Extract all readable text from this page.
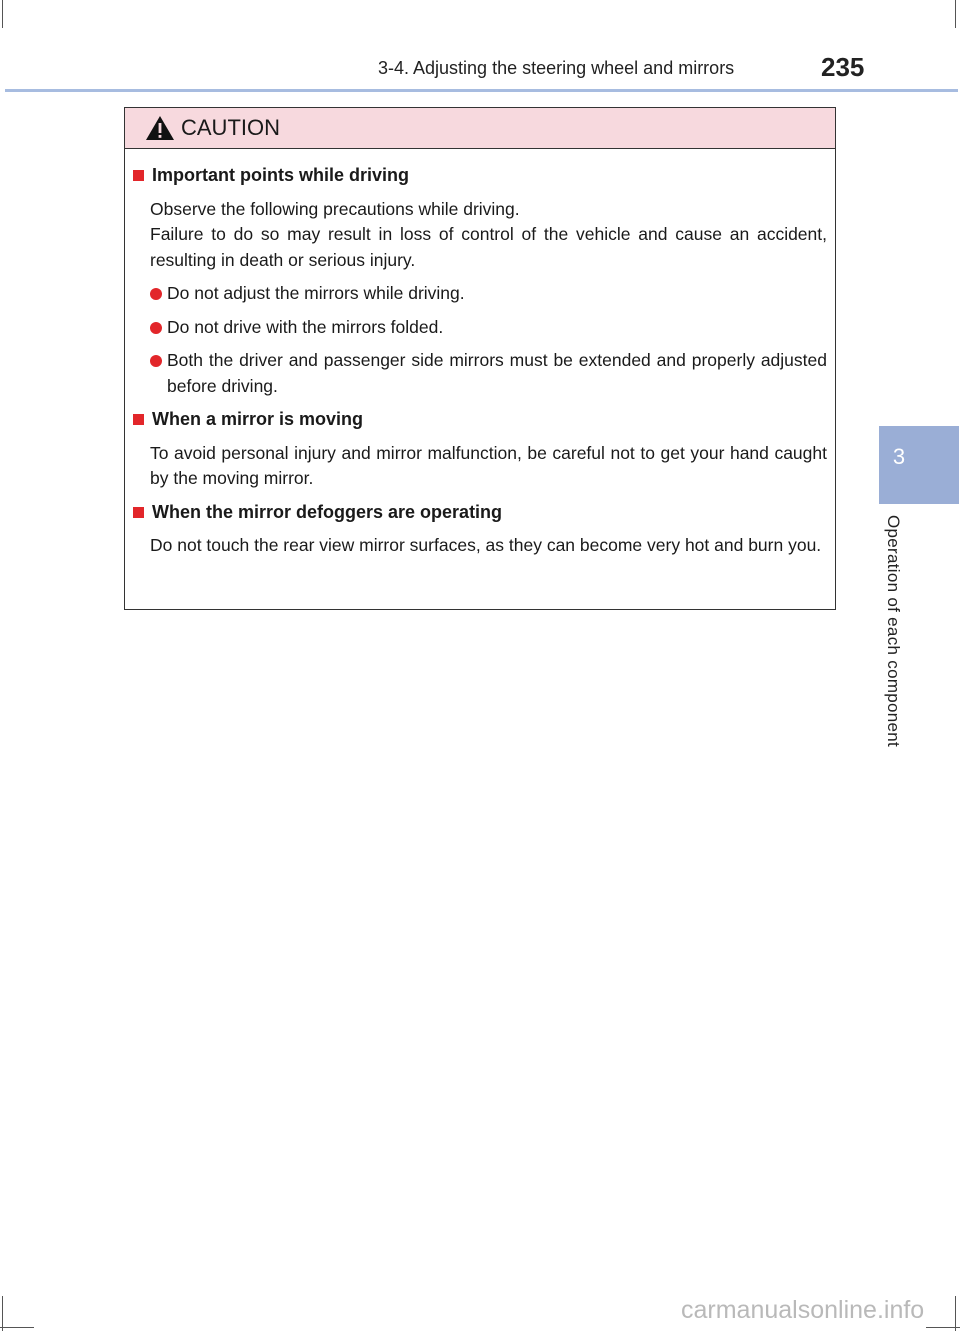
3-4. Adjusting the steering wheel and mirrors	235
3
Operation of each component
CAUTION
Important points while driving
Observe the following precautions while driving.
Failure to do so may result in loss of control of the vehicle and cause an accident, resulting in death or serious injury.
Do not adjust the mirrors while driving.
Do not drive with the mirrors folded.
Both the driver and passenger side mirrors must be extended and properly adjusted before driving.
When a mirror is moving
To avoid personal injury and mirror malfunction, be careful not to get your hand caught by the moving mirror.
When the mirror defoggers are operating
Do not touch the rear view mirror surfaces, as they can become very hot and burn you.
carmanualsonline.info
